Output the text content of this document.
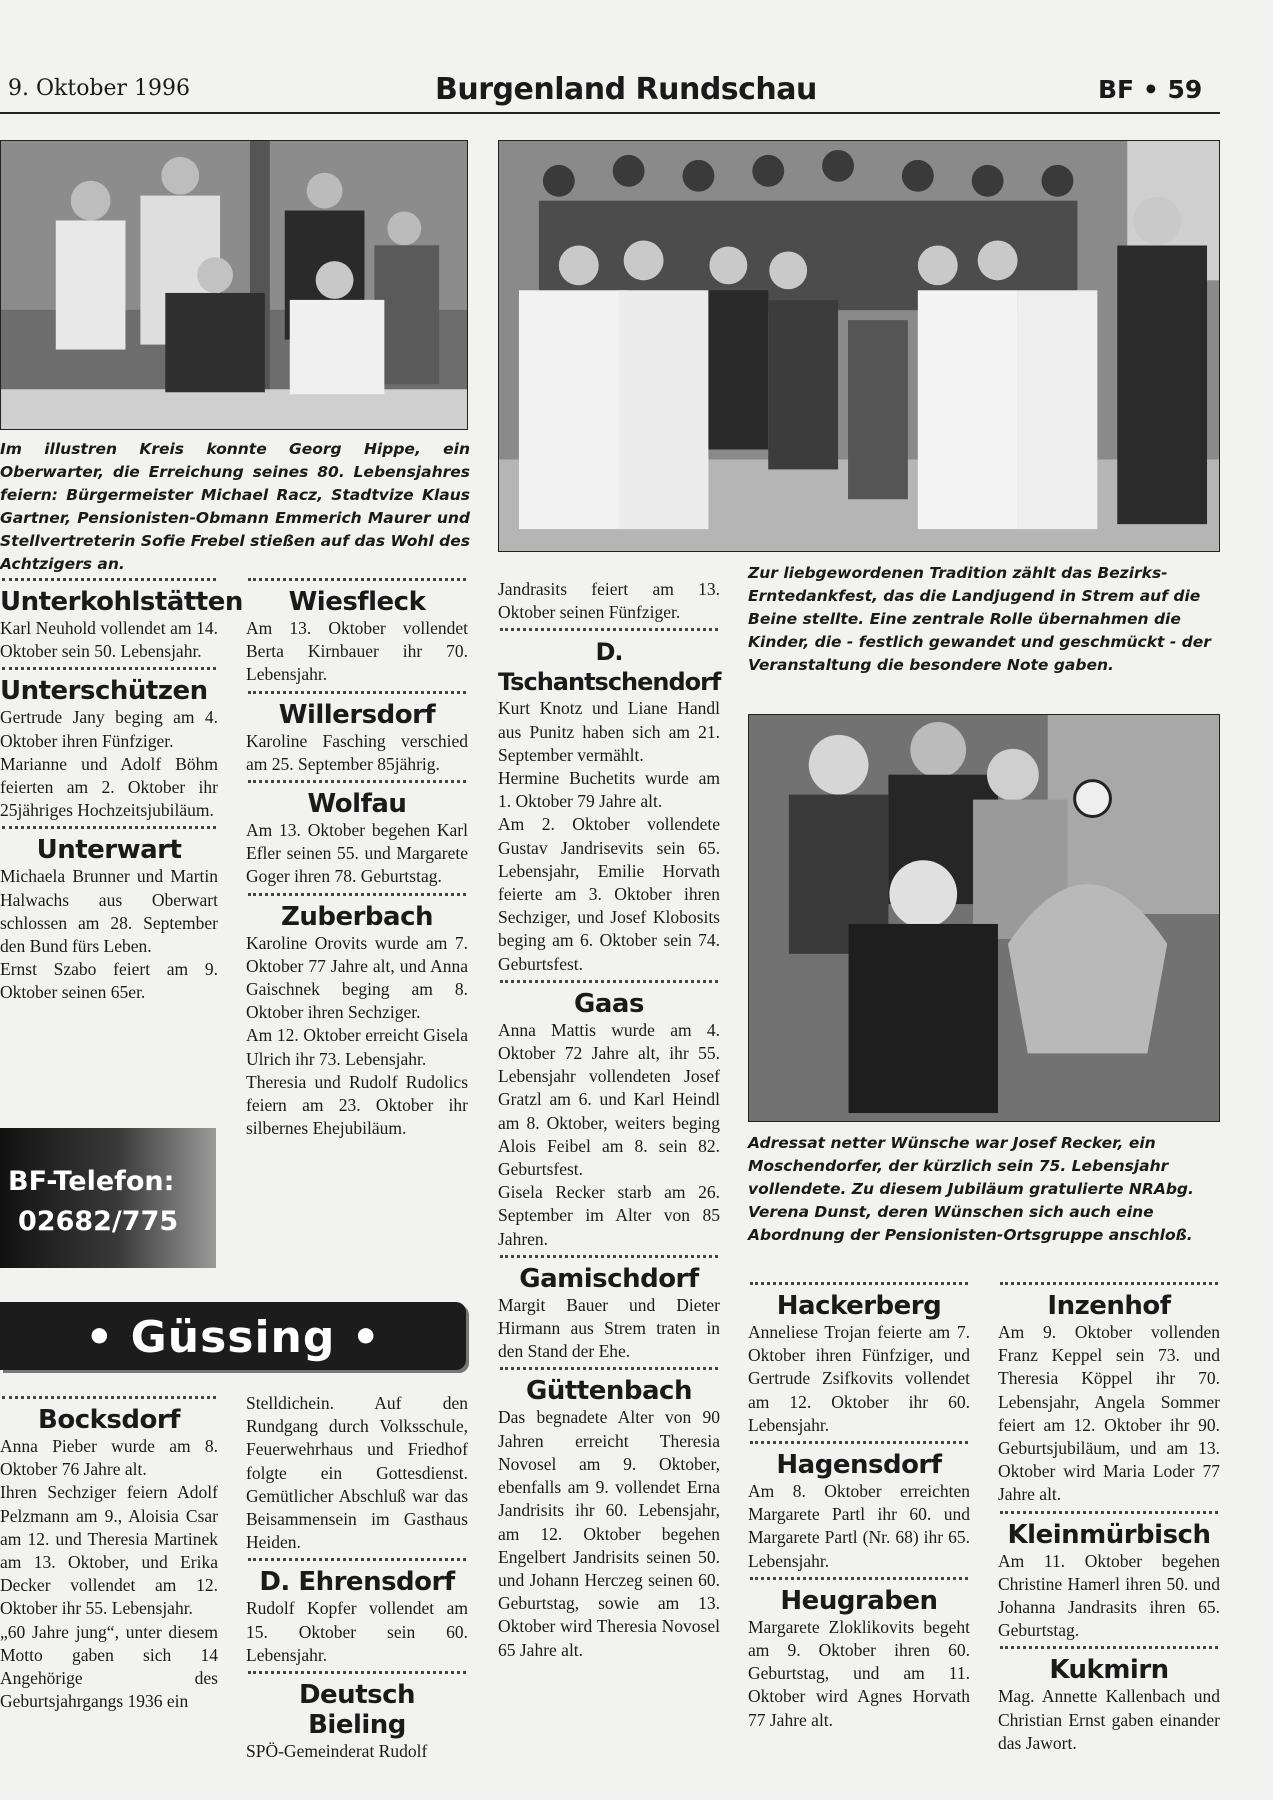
9. Oktober 1996	Burgenland Rundschau	BF • 59
Im illustren Kreis konnte Georg Hippe, ein Oberwarter, die Erreichung seines 80. Lebensjahres feiern: Bürgermeister Michael Racz, Stadtvize Klaus Gartner, Pensionisten-Obmann Emmerich Maurer und Stellvertreterin Sofie Frebel stießen auf das Wohl des Achtzigers an.	Zur liebgewordenen Tradition zählt das Bezirks-Erntedankfest, das die Landjugend in Strem auf die Beine stellte. Eine zentrale Rolle übernahmen die Kinder, die - festlich gewandet und geschmückt - der Veranstaltung die besondere Note gaben.
Adressat netter Wünsche war Josef Recker, ein Moschendorfer, der kürzlich sein 75. Lebensjahr vollendete. Zu diesem Jubiläum gratulierte NRAbg. Verena Dunst, deren Wünschen sich auch eine Abordnung der Pensionisten-Ortsgruppe anschloß.
Unterkohlstätten

Karl Neuhold vollendet am 14. Oktober sein 50. Lebensjahr.

Unterschützen

Gertrude Jany beging am 4. Oktober ihren Fünfziger.

Marianne und Adolf Böhm feierten am 2. Oktober ihr 25jähriges Hochzeitsjubiläum.

Unterwart

Michaela Brunner und Martin Halwachs aus Oberwart schlossen am 28. September den Bund fürs Leben.

Ernst Szabo feiert am 9. Oktober seinen 65er.

BF-Telefon:
02682/775
Wiesfleck

Am 13. Oktober vollendet Berta Kirnbauer ihr 70. Lebensjahr.

Willersdorf

Karoline Fasching verschied am 25. September 85jährig.

Wolfau

Am 13. Oktober begehen Karl Efler seinen 55. und Margarete Goger ihren 78. Geburtstag.

Zuberbach

Karoline Orovits wurde am 7. Oktober 77 Jahre alt, und Anna Gaischnek beging am 8. Oktober ihren Sechziger.

Am 12. Oktober erreicht Gisela Ulrich ihr 73. Lebensjahr.

Theresia und Rudolf Rudolics feiern am 23. Oktober ihr silbernes Ehejubiläum.

• Güssing •
Jandrasits feiert am 13. Oktober seinen Fünfziger.
D. Tschantschendorf

Kurt Knotz und Liane Handl aus Punitz haben sich am 21. September vermählt.

Hermine Buchetits wurde am 1. Oktober 79 Jahre alt.

Am 2. Oktober vollendete Gustav Jandrisevits sein 65. Lebensjahr, Emilie Horvath feierte am 3. Oktober ihren Sechziger, und Josef Klobosits beging am 6. Oktober sein 74. Geburtsfest.

Gaas

Anna Mattis wurde am 4. Oktober 72 Jahre alt, ihr 55. Lebensjahr vollendeten Josef Gratzl am 6. und Karl Heindl am 8. Oktober, weiters beging Alois Feibel am 8. sein 82. Geburtsfest.

Gisela Recker starb am 26. September im Alter von 85 Jahren.

Gamischdorf

Margit Bauer und Dieter Hirmann aus Strem traten in den Stand der Ehe.

Güttenbach

Das begnadete Alter von 90 Jahren erreicht Theresia Novosel am 9. Oktober, ebenfalls am 9. vollendet Erna Jandrisits ihr 60. Lebensjahr, am 12. Oktober begehen Engelbert Jandrisits seinen 50. und Johann Herczeg seinen 60. Geburtstag, sowie am 13. Oktober wird Theresia Novosel 65 Jahre alt.

Bocksdorf

Anna Pieber wurde am 8. Oktober 76 Jahre alt.

Ihren Sechziger feiern Adolf Pelzmann am 9., Aloisia Csar am 12. und Theresia Martinek am 13. Oktober, und Erika Decker vollendet am 12. Oktober ihr 55. Lebensjahr.

„60 Jahre jung“, unter diesem Motto gaben sich 14 Angehörige des Geburtsjahrgangs 1936 ein

Stelldichein. Auf den Rundgang durch Volksschule, Feuerwehrhaus und Friedhof folgte ein Gottesdienst. Gemütlicher Abschluß war das Beisammensein im Gasthaus Heiden.
D. Ehrensdorf

Rudolf Kopfer vollendet am 15. Oktober sein 60. Lebensjahr.

Deutsch Bieling

SPÖ-Gemeinderat Rudolf

Hackerberg

Anneliese Trojan feierte am 7. Oktober ihren Fünfziger, und Gertrude Zsifkovits vollendet am 12. Oktober ihr 60. Lebensjahr.

Hagensdorf

Am 8. Oktober erreichten Margarete Partl ihr 60. und Margarete Partl (Nr. 68) ihr 65. Lebensjahr.

Heugraben

Margarete Zloklikovits begeht am 9. Oktober ihren 60. Geburtstag, und am 11. Oktober wird Agnes Horvath 77 Jahre alt.

Inzenhof

Am 9. Oktober vollenden Franz Keppel sein 73. und Theresia Köppel ihr 70. Lebensjahr, Angela Sommer feiert am 12. Oktober ihr 90. Geburtsjubiläum, und am 13. Oktober wird Maria Loder 77 Jahre alt.

Kleinmürbisch

Am 11. Oktober begehen Christine Hamerl ihren 50. und Johanna Jandrasits ihren 65. Geburtstag.

Kukmirn

Mag. Annette Kallenbach und Christian Ernst gaben einander das Jawort.
